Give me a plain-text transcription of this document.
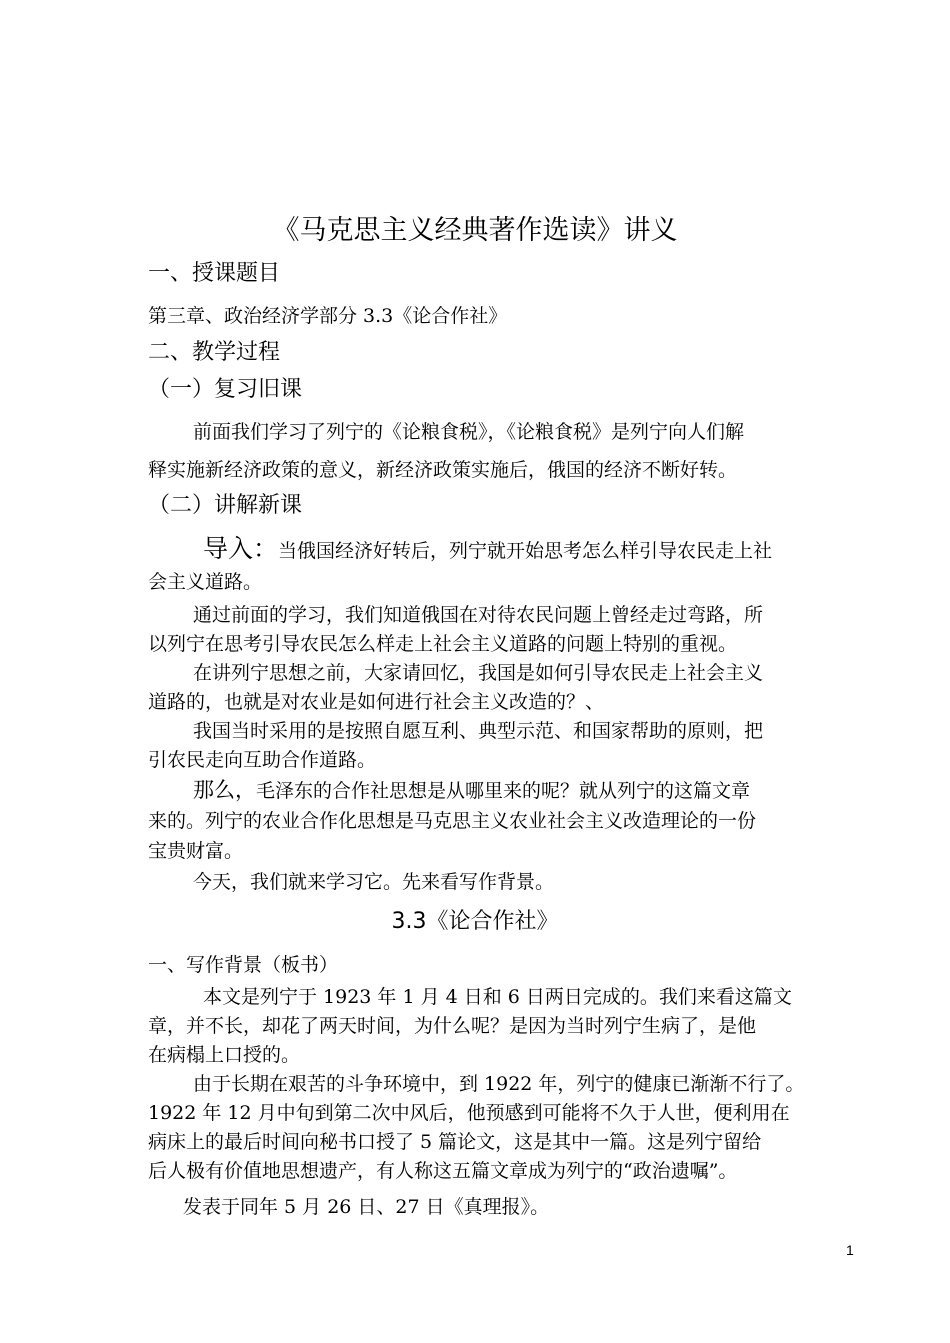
《马克思主义经典著作选读》讲义
一、授课题目
第三章、政治经济学部分 3.3《论合作社》
二、教学过程
（一）复习旧课
前面我们学习了列宁的《论粮食税》，《论粮食税》是列宁向人们解
释实施新经济政策的意义，新经济政策实施后，俄国的经济不断好转。
（二）讲解新课
导入：当俄国经济好转后，列宁就开始思考怎么样引导农民走上社
会主义道路。
通过前面的学习，我们知道俄国在对待农民问题上曾经走过弯路，所
以列宁在思考引导农民怎么样走上社会主义道路的问题上特别的重视。
在讲列宁思想之前，大家请回忆，我国是如何引导农民走上社会主义
道路的，也就是对农业是如何进行社会主义改造的？、
我国当时采用的是按照自愿互利、典型示范、和国家帮助的原则，把
引农民走向互助合作道路。
那么，毛泽东的合作社思想是从哪里来的呢？就从列宁的这篇文章
来的。列宁的农业合作化思想是马克思主义农业社会主义改造理论的一份
宝贵财富。
今天，我们就来学习它。先来看写作背景。
3.3《论合作社》
一、写作背景（板书）
本文是列宁于 1923 年 1 月 4 日和 6 日两日完成的。我们来看这篇文
章，并不长，却花了两天时间，为什么呢？是因为当时列宁生病了，是他
在病榻上口授的。
由于长期在艰苦的斗争环境中，到 1922 年，列宁的健康已渐渐不行了。
1922 年 12 月中旬到第二次中风后，他预感到可能将不久于人世，便利用在
病床上的最后时间向秘书口授了 5 篇论文，这是其中一篇。这是列宁留给
后人极有价值地思想遗产，有人称这五篇文章成为列宁的“政治遗嘱”。
发表于同年 5 月 26 日、27 日《真理报》。
1
